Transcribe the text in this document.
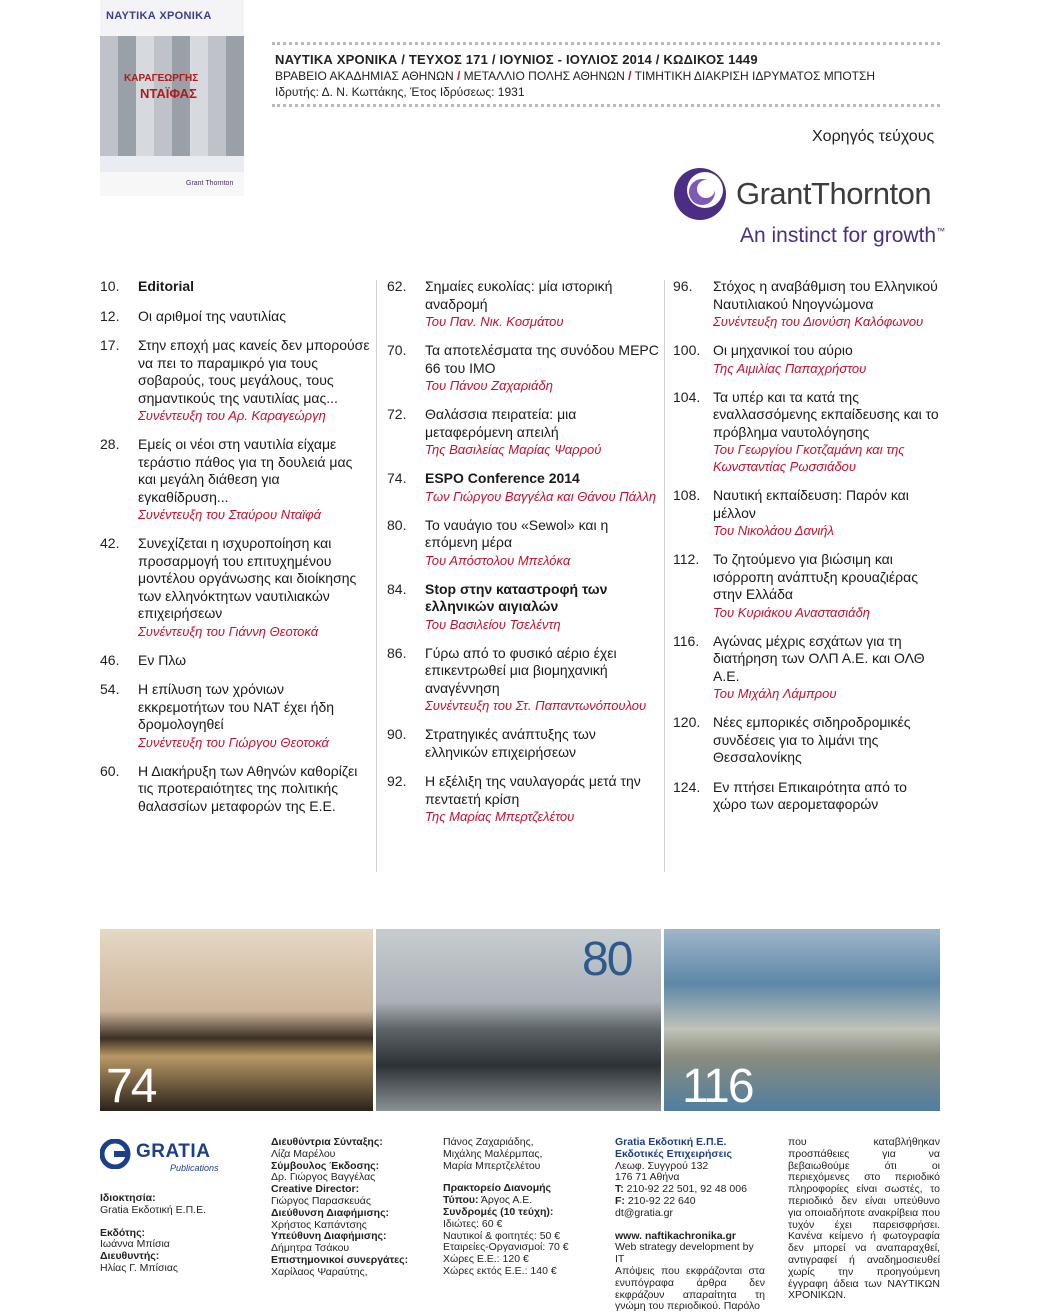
ΝΑΥΤΙΚΑ ΧΡΟΝΙΚΑ
ΚΑΡΑΓΕΩΡΓΗΣ
ΝΤΑΪΦΑΣ
Grant Thornton
ΝΑΥΤΙΚΑ ΧΡΟΝΙΚΑ / ΤΕΥΧΟΣ 171 / ΙΟΥΝΙΟΣ - ΙΟΥΛΙΟΣ 2014 / ΚΩΔΙΚΟΣ 1449
ΒΡΑΒΕΙΟ ΑΚΑΔΗΜΙΑΣ ΑΘΗΝΩΝ / ΜΕΤΑΛΛΙΟ ΠΟΛΗΣ ΑΘΗΝΩΝ / ΤΙΜΗΤΙΚΗ ΔΙΑΚΡΙΣΗ ΙΔΡΥΜΑΤΟΣ ΜΠΟΤΣΗ
Ιδρυτής: Δ. Ν. Κωττάκης, Έτος Ιδρύσεως: 1931
Χορηγός τεύχους
GrantThornton
An instinct for growth™
10.	Editorial
12.	Οι αριθμοί της ναυτιλίας
17.	Στην εποχή μας κανείς δεν μπορούσε να πει το παραμικρό για τους σοβαρούς, τους μεγάλους, τους σημαντικούς της ναυτιλίας μας...
Συνέντευξη του Αρ. Καραγεώργη
28.	Εμείς οι νέοι στη ναυτιλία είχαμε τεράστιο πάθος για τη δουλειά μας και μεγάλη διάθεση για εγκαθίδρυση...
Συνέντευξη του Σταύρου Νταϊφά
42.	Συνεχίζεται η ισχυροποίηση και προσαρμογή του επιτυχημένου μοντέλου οργάνωσης και διοίκησης των ελληνόκτητων ναυτιλιακών επιχειρήσεων
Συνέντευξη του Γιάννη Θεοτοκά
46.	Εν Πλω
54.	Η επίλυση των χρόνιων εκκρεμοτήτων του ΝΑΤ έχει ήδη δρομολογηθεί
Συνέντευξη του Γιώργου Θεοτοκά
60.	Η Διακήρυξη των Αθηνών καθορίζει τις προτεραιότητες της πολιτικής θαλασσίων μεταφορών της Ε.Ε.
62.	Σημαίες ευκολίας: μία ιστορική αναδρομή
Του Παν. Νικ. Κοσμάτου
70.	Τα αποτελέσματα της συνόδου MEPC 66 του IMO
Του Πάνου Ζαχαριάδη
72.	Θαλάσσια πειρατεία: μια μεταφερόμενη απειλή
Της Βασιλείας Μαρίας Ψαρρού
74.	ESPO Conference 2014
Των Γιώργου Βαγγέλα και Θάνου Πάλλη
80.	Το ναυάγιο του «Sewol» και η επόμενη μέρα
Του Απόστολου Μπελόκα
84.	Stop στην καταστροφή των ελληνικών αιγιαλών
Του Βασιλείου Τσελέντη
86.	Γύρω από το φυσικό αέριο έχει επικεντρωθεί μια βιομηχανική αναγέννηση
Συνέντευξη του Στ. Παπαντωνόπουλου
90.	Στρατηγικές ανάπτυξης των ελληνικών επιχειρήσεων
92.	Η εξέλιξη της ναυλαγοράς μετά την πενταετή κρίση
Της Μαρίας Μπερτζελέτου
96.	Στόχος η αναβάθμιση του Ελληνικού Ναυτιλιακού Νηογνώμονα
Συνέντευξη του Διονύση Καλόφωνου
100. Οι μηχανικοί του αύριο
Της Αιμιλίας Παπαχρήστου
104. Τα υπέρ και τα κατά της εναλλασσόμενης εκπαίδευσης και το πρόβλημα ναυτολόγησης
Του Γεωργίου Γκοτζαμάνη και της Κωνσταντίας Ρωσσιάδου
108. Ναυτική εκπαίδευση: Παρόν και μέλλον
Του Νικολάου Δανιήλ
112. Το ζητούμενο για βιώσιμη και ισόρροπη ανάπτυξη κρουαζιέρας στην Ελλάδα
Του Κυριάκου Αναστασιάδη
116. Αγώνας μέχρις εσχάτων για τη διατήρηση των ΟΛΠ Α.Ε. και ΟΛΘ Α.Ε.
Του Μιχάλη Λάμπρου
120. Νέες εμπορικές σιδηροδρομικές συνδέσεις για το λιμάνι της Θεσσαλονίκης
124. Εν πτήσει Επικαιρότητα από το χώρο των αερομεταφορών
74
80
116
GRATIA
Publications
Ιδιοκτησία:
Gratia Εκδοτική Ε.Π.Ε.
Εκδότης:
Ιωάννα Μπίσια
Διευθυντής:
Ηλίας Γ. Μπίσιας
Διευθύντρια Σύνταξης:
Λίζα Μαρέλου
Σύμβουλος Έκδοσης:
Δρ. Γιώργος Βαγγέλας
Creative Director:
Γιώργος Παρασκευάς
Διεύθυνση Διαφήμισης:
Χρήστος Καπάντσης
Υπεύθυνη Διαφήμισης:
Δήμητρα Τσάκου
Επιστημονικοί συνεργάτες:
Χαρίλαος Ψαραύτης,
Πάνος Ζαχαριάδης,
Μιχάλης Μαλέρμπας,
Μαρία Μπερτζελέτου
Πρακτορείο Διανομής
Τύπου: Άργος Α.Ε.
Συνδρομές (10 τεύχη):
Ιδιώτες: 60 €
Ναυτικοί & φοιτητές: 50 €
Εταιρείες-Οργανισμοί: 70 €
Χώρες Ε.Ε.: 120 €
Χώρες εκτός Ε.Ε.: 140 €
Gratia Εκδοτική Ε.Π.Ε.
Εκδοτικές Επιχειρήσεις
Λεωφ. Συγγρού 132
176 71 Αθήνα
T: 210-92 22 501, 92 48 006
F: 210-92 22 640
dt@gratia.gr
www. naftikachronika.gr
Web strategy development by IT
Απόψεις που εκφράζονται στα ενυπόγραφα άρθρα δεν εκφράζουν απαραίτητα τη γνώμη του περιοδικού. Παρόλο
που καταβλήθηκαν προσπάθειες για να βεβαιωθούμε ότι οι περιεχόμενες στο περιοδικό πληροφορίες είναι σωστές, το περιοδικό δεν είναι υπεύθυνο για οποιαδήποτε ανακρίβεια που τυχόν έχει παρεισφρήσει. Κανένα κείμενο ή φωτογραφία δεν μπορεί να αναπαραχθεί, αντιγραφεί ή αναδημοσιευθεί χωρίς την προηγούμενη έγγραφη άδεια των ΝΑΥΤΙΚΩΝ ΧΡΟΝΙΚΩΝ.
